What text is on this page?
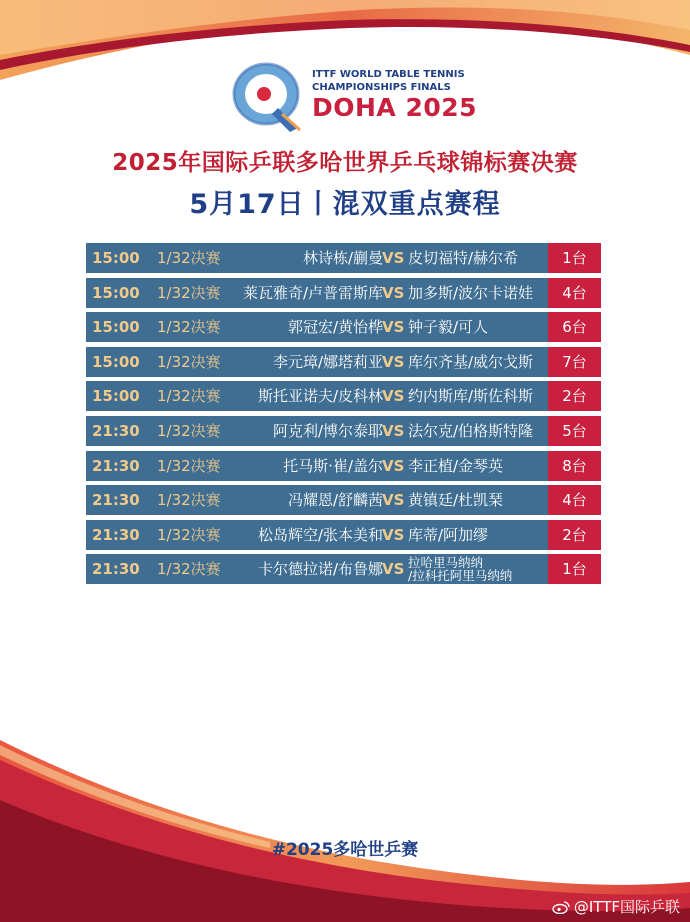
ITTF WORLD TABLE TENNIS
CHAMPIONSHIPS FINALS
DOHA 2025
2025年国际乒联多哈世界乒乓球锦标赛决赛
5月17日丨混双重点赛程
15:00 1/32决赛	林诗栋/蒯曼 VS 皮切福特/赫尔希	1台
15:00 1/32决赛 莱瓦雅奇/卢普雷斯库 VS 加多斯/波尔卡诺娃	4台
15:00 1/32决赛	郭冠宏/黄怡桦 VS 钟子毅/可人	6台
15:00 1/32决赛	李元璋/娜塔莉亚 VS 库尔齐基/威尔戈斯	7台
15:00 1/32决赛 斯托亚诺夫/皮科林 VS 约内斯库/斯佐科斯	2台
21:30 1/32决赛	阿克利/博尔泰耶 VS 法尔克/伯格斯特隆	5台
21:30 1/32决赛	托马斯·崔/盖尔 VS 李正植/金琴英	8台
21:30 1/32决赛	冯耀恩/舒麟茜 VS 黄镇廷/杜凯琹	4台
21:30 1/32决赛 松岛辉空/张本美和 VS 库蒂/阿加缪	2台
21:30 1/32决赛 卡尔德拉诺/布鲁娜 VS 拉哈里马纳纳
/拉科托阿里马纳纳	1台
#2025多哈世乒赛
@ITTF国际乒联
